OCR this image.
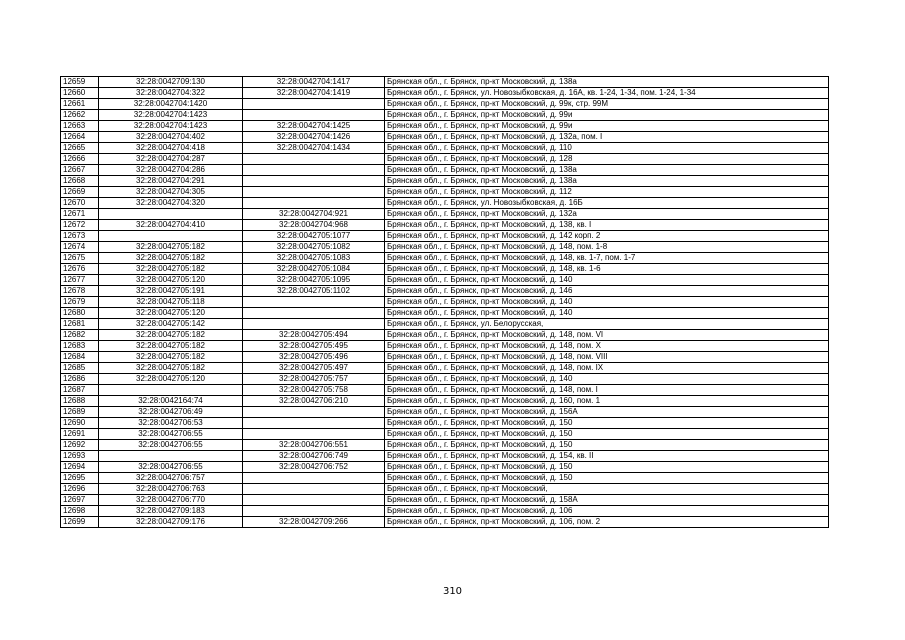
12659	32:28:0042709:130	32:28:0042704:1417	Брянская обл., г. Брянск, пр-кт Московский, д. 138а
12660	32:28:0042704:322	32:28:0042704:1419	Брянская обл., г. Брянск, ул. Новозыбковская, д. 16А, кв. 1-24, 1-34, пом. 1-24, 1-34
12661	32:28:0042704:1420		Брянская обл., г. Брянск, пр-кт Московский, д. 99к, стр. 99М
12662	32:28:0042704:1423		Брянская обл., г. Брянск, пр-кт Московский, д. 99и
12663	32:28:0042704:1423	32:28:0042704:1425	Брянская обл., г. Брянск, пр-кт Московский, д. 99и
12664	32:28:0042704:402	32:28:0042704:1426	Брянская обл., г. Брянск, пр-кт Московский, д. 132а, пом. I
12665	32:28:0042704:418	32:28:0042704:1434	Брянская обл., г. Брянск, пр-кт Московский, д. 110
12666	32:28:0042704:287		Брянская обл., г. Брянск, пр-кт Московский, д. 128
12667	32:28:0042704:286		Брянская обл., г. Брянск, пр-кт Московский, д. 138а
12668	32:28:0042704:291		Брянская обл., г. Брянск, пр-кт Московский, д. 138а
12669	32:28:0042704:305		Брянская обл., г. Брянск, пр-кт Московский, д. 112
12670	32:28:0042704:320		Брянская обл., г. Брянск, ул. Новозыбковская, д. 16Б
12671		32:28:0042704:921	Брянская обл., г. Брянск, пр-кт Московский, д. 132а
12672	32:28:0042704:410	32:28:0042704:968	Брянская обл., г. Брянск, пр-кт Московский, д. 138, кв. I
12673		32:28:0042705:1077	Брянская обл., г. Брянск, пр-кт Московский, д. 142 корп. 2
12674	32:28:0042705:182	32:28:0042705:1082	Брянская обл., г. Брянск, пр-кт Московский, д. 148, пом. 1-8
12675	32:28:0042705:182	32:28:0042705:1083	Брянская обл., г. Брянск, пр-кт Московский, д. 148, кв. 1-7, пом. 1-7
12676	32:28:0042705:182	32:28:0042705:1084	Брянская обл., г. Брянск, пр-кт Московский, д. 148, кв. 1-6
12677	32:28:0042705:120	32:28:0042705:1095	Брянская обл., г. Брянск, пр-кт Московский, д. 140
12678	32:28:0042705:191	32:28:0042705:1102	Брянская обл., г. Брянск, пр-кт Московский, д. 146
12679	32:28:0042705:118		Брянская обл., г. Брянск, пр-кт Московский, д. 140
12680	32:28:0042705:120		Брянская обл., г. Брянск, пр-кт Московский, д. 140
12681	32:28:0042705:142		Брянская обл., г. Брянск, ул. Белорусская,
12682	32:28:0042705:182	32:28:0042705:494	Брянская обл., г. Брянск, пр-кт Московский, д. 148, пом. VI
12683	32:28:0042705:182	32:28:0042705:495	Брянская обл., г. Брянск, пр-кт Московский, д. 148, пом. X
12684	32:28:0042705:182	32:28:0042705:496	Брянская обл., г. Брянск, пр-кт Московский, д. 148, пом. VIII
12685	32:28:0042705:182	32:28:0042705:497	Брянская обл., г. Брянск, пр-кт Московский, д. 148, пом. IX
12686	32:28:0042705:120	32:28:0042705:757	Брянская обл., г. Брянск, пр-кт Московский, д. 140
12687		32:28:0042705:758	Брянская обл., г. Брянск, пр-кт Московский, д. 148, пом. I
12688	32:28:0042164:74	32:28:0042706:210	Брянская обл., г. Брянск, пр-кт Московский, д. 160, пом. 1
12689	32:28:0042706:49		Брянская обл., г. Брянск, пр-кт Московский, д. 156А
12690	32:28:0042706:53		Брянская обл., г. Брянск, пр-кт Московский, д. 150
12691	32:28:0042706:55		Брянская обл., г. Брянск, пр-кт Московский, д. 150
12692	32:28:0042706:55	32:28:0042706:551	Брянская обл., г. Брянск, пр-кт Московский, д. 150
12693		32:28:0042706:749	Брянская обл., г. Брянск, пр-кт Московский, д. 154, кв. II
12694	32:28:0042706:55	32:28:0042706:752	Брянская обл., г. Брянск, пр-кт Московский, д. 150
12695	32:28:0042706:757		Брянская обл., г. Брянск, пр-кт Московский, д. 150
12696	32:28:0042706:763		Брянская обл., г. Брянск, пр-кт Московский,
12697	32:28:0042706:770		Брянская обл., г. Брянск, пр-кт Московский, д. 158А
12698	32:28:0042709:183		Брянская обл., г. Брянск, пр-кт Московский, д. 106
12699	32:28:0042709:176	32:28:0042709:266	Брянская обл., г. Брянск, пр-кт Московский, д. 106, пом. 2
310
